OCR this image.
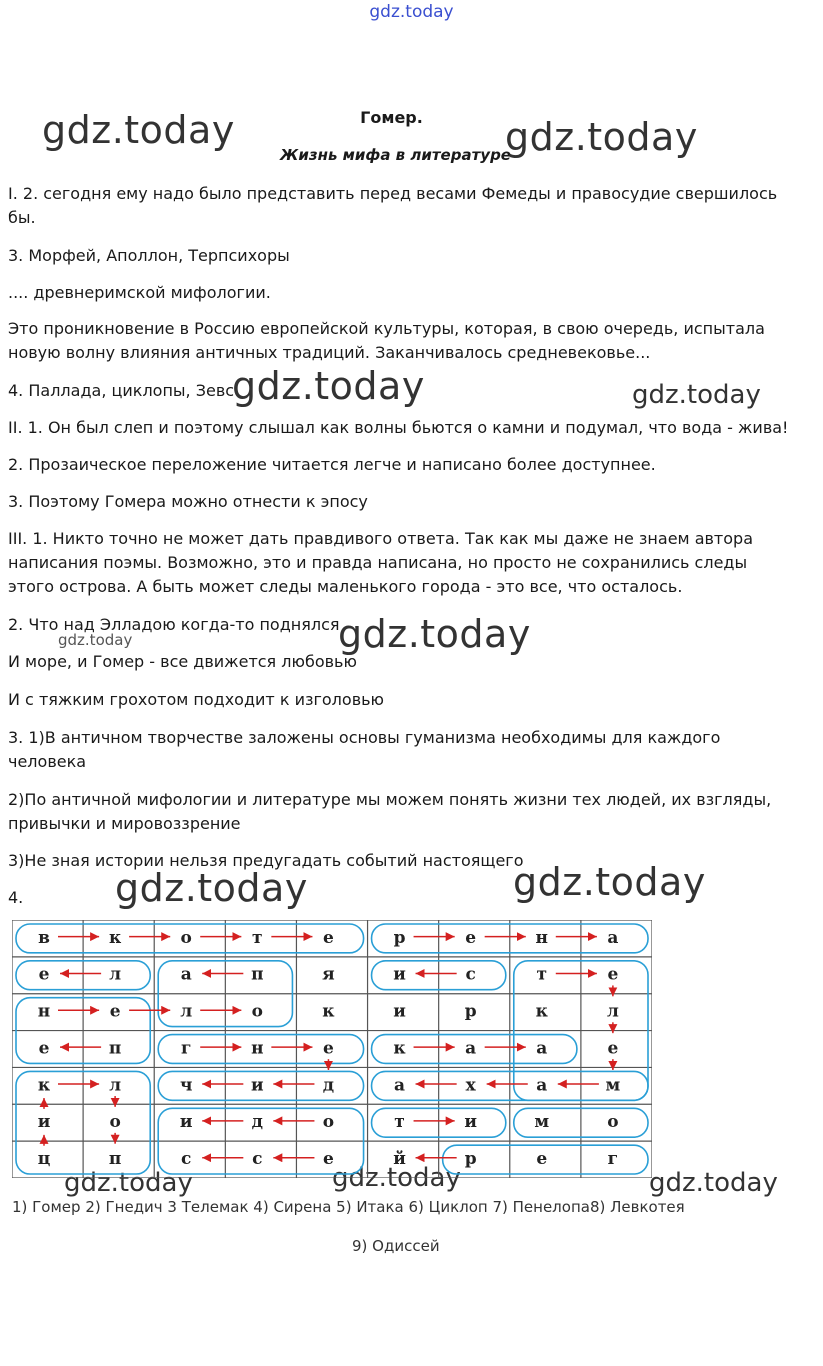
gdz.today
Гомер.
Жизнь мифа в литературе
I. 2. сегодня ему надо было представить перед весами Фемеды и правосудие свершилось бы.
3. Морфей, Аполлон, Терпсихоры
.... древнеримской мифологии.
Это проникновение в Россию европейской культуры, которая, в свою очередь, испытала новую волну влияния античных традиций. Заканчивалось средневековье...
4. Паллада, циклопы, Зевс
II. 1. Он был слеп и поэтому слышал как волны бьются о камни и подумал, что вода - жива!
2. Прозаическое переложение читается легче и написано более доступнее.
3. Поэтому Гомера можно отнести к эпосу
III. 1. Никто точно не может дать правдивого ответа. Так как мы даже не знаем автора написания поэмы. Возможно, это и правда написана, но просто не сохранились следы этого острова. А быть может следы маленького города - это все, что осталось.
2. Что над Элладою когда-то поднялся
И море, и Гомер - все движется любовью
И с тяжким грохотом подходит к изголовью
3. 1)В античном творчестве заложены основы гуманизма необходимы для каждого человека
2)По античной мифологии и литературе мы можем понять жизни тех людей, их взгляды, привычки и мировоззрение
3)Не зная истории нельзя предугадать событий настоящего
4.
gdz.today	gdz.today
gdz.today	gdz.today
gdz.today
gdz.today
gdz.today	gdz.today
gdz.today	gdz.today	gdz.today
в	к	о	т	е	р	е	н	а
е	л	а	п	я	и	с	т	е
н	е	л	о	к	и	р	к	л
е	п	г	н	е	к	а	а	е
к	л	ч	и	д	а	х	а	м
и	о	и	д	о	т	и	м	о
ц	п	с	с	е	й	р	е	г
1) Гомер 2) Гнедич 3 Телемак 4) Сирена 5) Итака 6) Циклоп 7) Пенелопа8) Левкотея
9) Одиссей
